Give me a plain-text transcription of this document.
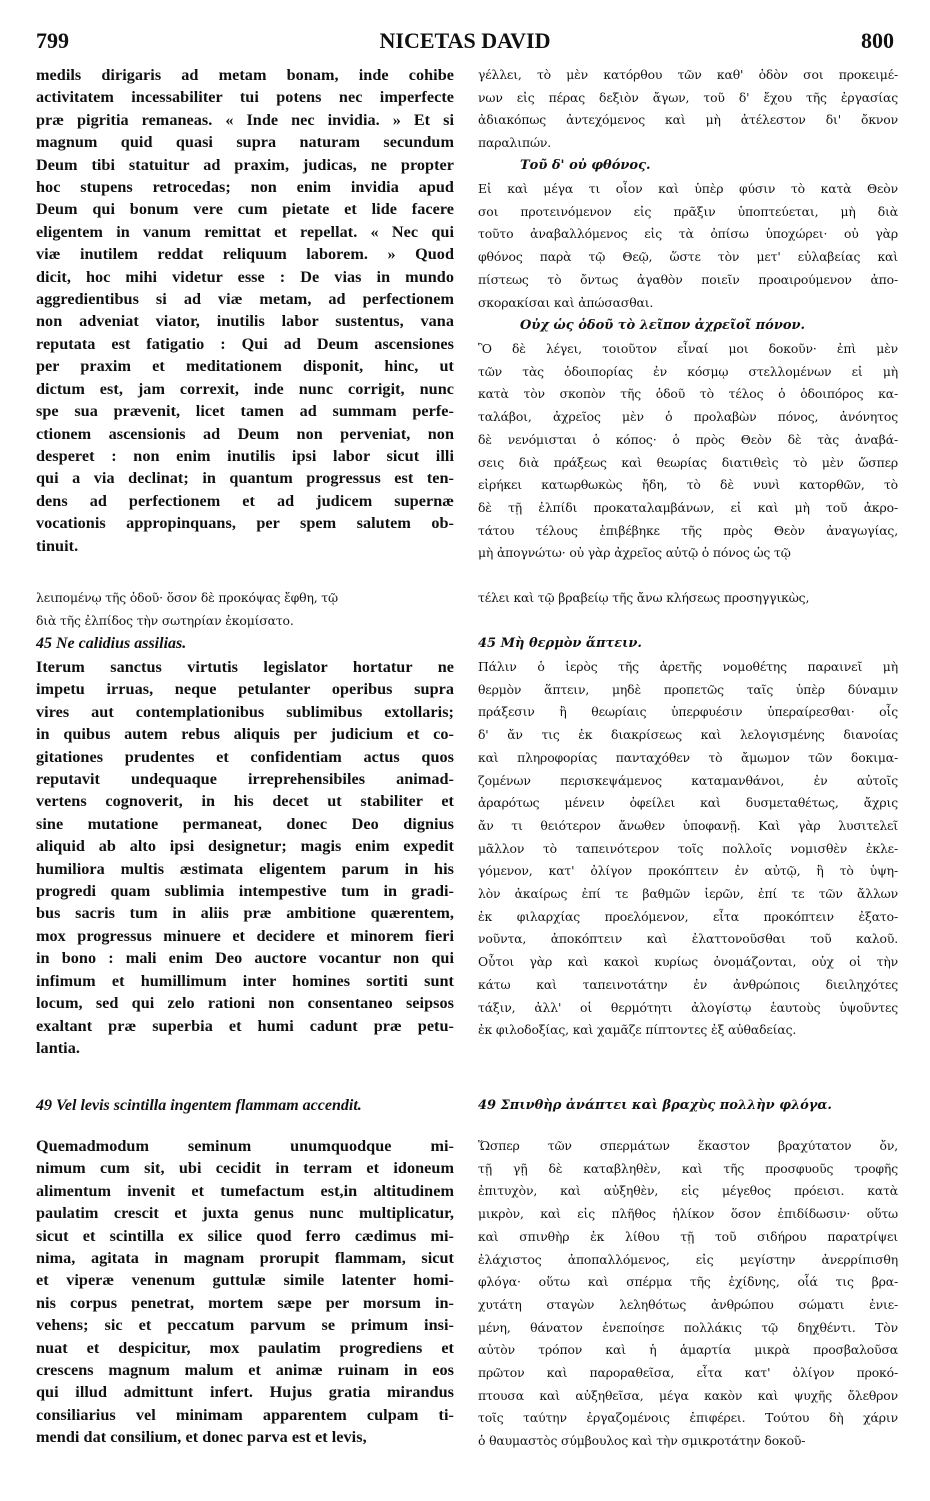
799	NICETAS DAVID	800
medils dirigaris ad metam bonam, inde cohibe
activitatem incessabiliter tui potens nec imperfecte
præ pigritia remaneas. « Inde nec invidia. » Et si
magnum quid quasi supra naturam secundum
Deum tibi statuitur ad praxim, judicas, ne propter
hoc stupens retrocedas; non enim invidia apud
Deum qui bonum vere cum pietate et lide facere
eligentem in vanum remittat et repellat. « Nec qui
viæ inutilem reddat reliquum laborem. » Quod
dicit, hoc mihi videtur esse : De vias in mundo
aggredientibus si ad viæ metam, ad perfectionem
non adveniat viator, inutilis labor sustentus, vana
reputata est fatigatio : Qui ad Deum ascensiones
per praxim et meditationem disponit, hinc, ut
dictum est, jam correxit, inde nunc corrigit, nunc
spe sua prævenit, licet tamen ad summam perfe-
ctionem ascensionis ad Deum non perveniat, non
desperet : non enim inutilis ipsi labor sicut illi
qui a via declinat; in quantum progressus est ten-
dens ad perfectionem et ad judicem supernæ
vocationis appropinquans, per spem salutem ob-
tinuit.
45 Ne calidius assilias.
Iterum sanctus virtutis legislator hortatur ne
impetu irruas, neque petulanter operibus supra
vires aut contemplationibus sublimibus extollaris;
in quibus autem rebus aliquis per judicium et co-
gitationes prudentes et confidentiam actus quos
reputavit undequaque irreprehensibiles animad-
vertens cognoverit, in his decet ut stabiliter et
sine mutatione permaneat, donec Deo dignius
aliquid ab alto ipsi designetur; magis enim expedit
humiliora multis æstimata eligentem parum in his
progredi quam sublimia intempestive tum in gradi-
bus sacris tum in aliis præ ambitione quærentem,
mox progressus minuere et decidere et minorem fieri
in bono : mali enim Deo auctore vocantur non qui
infimum et humillimum inter homines sortiti sunt
locum, sed qui zelo rationi non consentaneo seipsos
exaltant præ superbia et humi cadunt præ petu-
lantia.
49 Vel levis scintilla ingentem flammam accendit.
Quemadmodum seminum unumquodque mi-
nimum cum sit, ubi cecidit in terram et idoneum
alimentum invenit et tumefactum est,in altitudinem
paulatim crescit et juxta genus nunc multiplicatur,
sicut et scintilla ex silice quod ferro cædimus mi-
nima, agitata in magnam prorupit flammam, sicut
et viperæ venenum guttulæ simile latenter homi-
nis corpus penetrat, mortem sæpe per morsum in-
vehens; sic et peccatum parvum se primum insi-
nuat et despicitur, mox paulatim progrediens et
crescens magnum malum et animæ ruinam in eos
qui illud admittunt infert. Hujus gratia mirandus
consiliarius vel minimam apparentem culpam ti-
mendi dat consilium, et donec parva est et levis,
γέλλει, τὸ μὲν κατόρθου τῶν καθ' ὁδὸν σοι προκειμέ-
νων εἰς πέρας δεξιὸν ἄγων, τοῦ δ' ἔχου τῆς ἐργασίας
ἀδιακόπως ἀντεχόμενος καὶ μὴ ἀτέλεστον δι' ὄκνον
παραλιπών.
Τοῦ δ' οὐ φθόνος.
Εἰ καὶ μέγα τι οἷον καὶ ὑπὲρ φύσιν τὸ κατὰ Θεὸν
σοι προτεινόμενον εἰς πρᾶξιν ὑποπτεύεται, μὴ διὰ
τοῦτο ἀναβαλλόμενος εἰς τὰ ὀπίσω ὑποχώρει· οὐ γὰρ
φθόνος παρὰ τῷ Θεῷ, ὥστε τὸν μετ' εὐλαβείας καὶ
πίστεως τὸ ὄντως ἀγαθὸν ποιεῖν προαιρούμενον ἀπο-
σκορακίσαι καὶ ἀπώσασθαι.
Οὐχ ὡς ὁδοῦ τὸ λεῖπον ἀχρεῖοῖ πόνον.
Ὃ δὲ λέγει, τοιοῦτον εἶναί μοι δοκοῦν· ἐπὶ μὲν
τῶν τὰς ὁδοιπορίας ἐν κόσμῳ στελλομένων εἰ μὴ
κατὰ τὸν σκοπὸν τῆς ὁδοῦ τὸ τέλος ὁ ὁδοιπόρος κα-
ταλάβοι, ἀχρεῖος μὲν ὁ προλαβὼν πόνος, ἀνόνητος
δὲ νενόμισται ὁ κόπος· ὁ πρὸς Θεὸν δὲ τὰς ἀναβά-
σεις διὰ πράξεως καὶ θεωρίας διατιθεὶς τὸ μὲν ὥσπερ
εἰρήκει κατωρθωκὼς ἤδη, τὸ δὲ νυνὶ κατορθῶν, τὸ
δὲ τῇ ἐλπίδι προκαταλαμβάνων, εἰ καὶ μὴ τοῦ ἀκρο-
τάτου τέλους ἐπιβέβηκε τῆς πρὸς Θεὸν ἀναγωγίας,
μὴ ἀπογνώτω· οὐ γὰρ ἀχρεῖος αὐτῷ ὁ πόνος ὡς τῷ
45 Μὴ θερμὸν ἅπτειν.
Πάλιν ὁ ἱερὸς τῆς ἀρετῆς νομοθέτης παραινεῖ μὴ
θερμὸν ἅπτειν, μηδὲ προπετῶς ταῖς ὑπὲρ δύναμιν
πράξεσιν ἢ θεωρίαις ὑπερφυέσιν ὑπεραίρεσθαι· οἷς
δ' ἄν τις ἐκ διακρίσεως καὶ λελογισμένης διανοίας
καὶ πληροφορίας πανταχόθεν τὸ ἄμωμον τῶν δοκιμα-
ζομένων περισκεψάμενος καταμανθάνοι, ἐν αὐτοῖς
ἀραρότως μένειν ὀφείλει καὶ δυσμεταθέτως, ἄχρις
ἄν τι θειότερον ἄνωθεν ὑποφανῇ. Καὶ γὰρ λυσιτελεῖ
μᾶλλον τὸ ταπεινότερον τοῖς πολλοῖς νομισθὲν ἐκλε-
γόμενον, κατ' ὀλίγον προκόπτειν ἐν αὐτῷ, ἢ τὸ ὑψη-
λὸν ἀκαίρως ἐπί τε βαθμῶν ἱερῶν, ἐπί τε τῶν ἄλλων
ἐκ φιλαρχίας προελόμενον, εἶτα προκόπτειν ἐξατο-
νοῦντα, ἀποκόπτειν καὶ ἐλαττονοῦσθαι τοῦ καλοῦ.
Οὗτοι γὰρ καὶ κακοὶ κυρίως ὀνομάζονται, οὐχ οἱ τὴν
κάτω καὶ ταπεινοτάτην ἐν ἀνθρώποις διειληχότες
τάξιν, ἀλλ' οἱ θερμότητι ἀλογίστῳ ἑαυτοὺς ὑψοῦντες
ἐκ φιλοδοξίας, καὶ χαμᾶζε πίπτοντες ἐξ αὐθαδείας.
49 Σπινθὴρ ἀνάπτει καὶ βραχὺς πολλὴν φλόγα.
Ὥσπερ τῶν σπερμάτων ἕκαστον βραχύτατον ὄν,
τῇ γῇ δὲ καταβληθὲν, καὶ τῆς προσφυοῦς τροφῆς
ἐπιτυχὸν, καὶ αὐξηθὲν, εἰς μέγεθος πρόεισι. κατὰ
μικρὸν, καὶ εἰς πλῆθος ἡλίκον ὅσον ἐπιδίδωσιν· οὕτω
καὶ σπινθὴρ ἐκ λίθου τῇ τοῦ σιδήρου παρατρίψει
ἐλάχιστος ἀποπαλλόμενος, εἰς μεγίστην ἀνερρίπισθη
φλόγα· οὕτω καὶ σπέρμα τῆς ἐχίδνης, οἷά τις βρα-
χυτάτη σταγὼν λεληθότως ἀνθρώπου σώματι ἐνιε-
μένη, θάνατον ἐνεποίησε πολλάκις τῷ δηχθέντι. Τὸν
αὐτὸν τρόπον καὶ ἡ ἁμαρτία μικρὰ προσβαλοῦσα
πρῶτον καὶ παροραθεῖσα, εἶτα κατ' ὀλίγον προκό-
πτουσα καὶ αὐξηθεῖσα, μέγα κακὸν καὶ ψυχῆς ὄλεθρον
τοῖς ταύτην ἐργαζομένοις ἐπιφέρει. Τούτου δὴ χάριν
ὁ θαυμαστὸς σύμβουλος καὶ τὴν σμικροτάτην δοκοῦ-
λειπομένῳ τῆς ὁδοῦ· ὅσον δὲ προκόψας ἔφθη, τῷ	τέλει καὶ τῷ βραβείῳ τῆς ἄνω κλήσεως προσηγγικὼς,
διὰ τῆς ἐλπίδος τὴν σωτηρίαν ἐκομίσατο.
